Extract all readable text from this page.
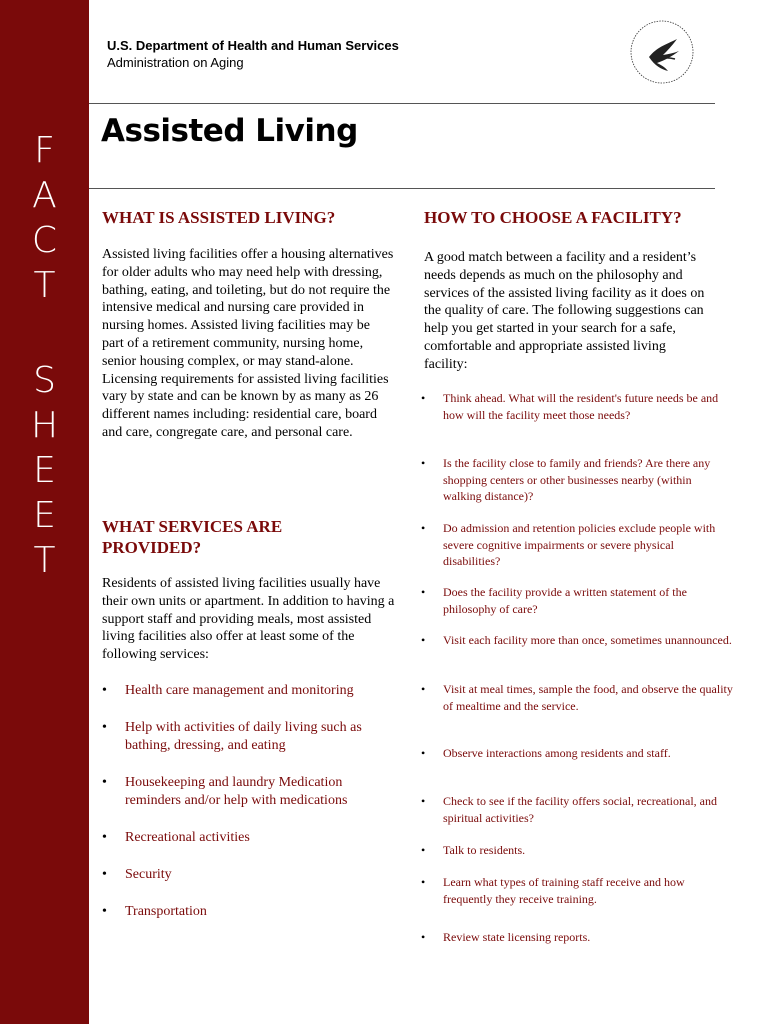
F
A
C
T
S
H
E
E
T
U.S. Department of Health and Human Services
Administration on Aging
Assisted Living
WHAT IS ASSISTED LIVING?
Assisted living facilities offer a housing alternatives for older adults who may need help with dressing, bathing, eating, and toileting, but do not require the intensive medical and nursing care provided in nursing homes. Assisted living facilities may be part of a retirement community, nursing home, senior housing complex, or may stand-alone. Licensing requirements for assisted living facilities vary by state and can be known by as many as 26 different names including: residential care, board and care, congregate care, and personal care.
WHAT SERVICES ARE PROVIDED?
Residents of assisted living facilities usually have their own units or apartment. In addition to having a support staff and providing meals, most assisted living facilities also offer at least some of the following services:
• Health care management and monitoring
• Help with activities of daily living such as bathing, dressing, and eating
• Housekeeping and laundry Medication reminders and/or help with medications
• Recreational activities
• Security
• Transportation
HOW TO CHOOSE A FACILITY?
A good match between a facility and a resident’s needs depends as much on the philosophy and services of the assisted living facility as it does on the quality of care. The following suggestions can help you get started in your search for a safe, comfortable and appropriate assisted living facility:
• Think ahead. What will the resident's future needs be and how will the facility meet those needs?
• Is the facility close to family and friends? Are there any shopping centers or other businesses nearby (within walking distance)?
• Do admission and retention policies exclude people with severe cognitive impairments or severe physical disabilities?
• Does the facility provide a written statement of the philosophy of care?
• Visit each facility more than once, sometimes unannounced.
• Visit at meal times, sample the food, and observe the quality of mealtime and the service.
• Observe interactions among residents and staff.
• Check to see if the facility offers social, recreational, and spiritual activities?
• Talk to residents.
• Learn what types of training staff receive and how frequently they receive training.
• Review state licensing reports.
